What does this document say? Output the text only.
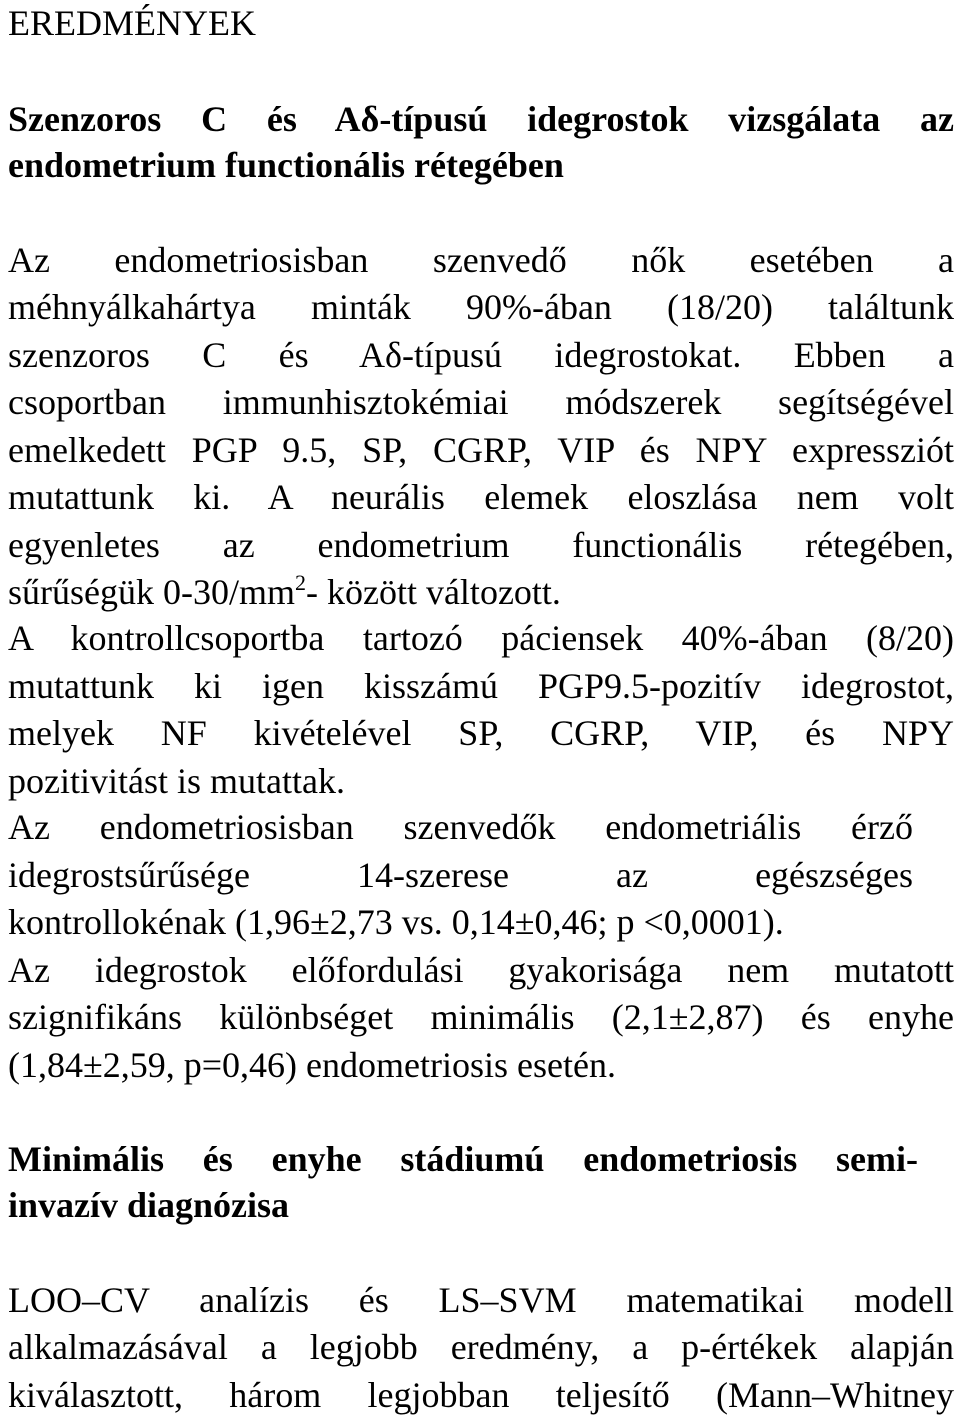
EREDMÉNYEK
Szenzoros C és Aδ-típusú idegrostok vizsgálata az
endometrium functionális rétegében
Az endometriosisban szenvedő nők esetében a
méhnyálkahártya minták 90%-ában (18/20) találtunk
szenzoros C és Aδ-típusú idegrostokat. Ebben a
csoportban immunhisztokémiai módszerek segítségével
emelkedett PGP 9.5, SP, CGRP, VIP és NPY expressziót
mutattunk ki. A neurális elemek eloszlása nem volt
egyenletes az endometrium functionális rétegében,
sűrűségük $0-30/mm^2-$ között változott.
A kontrollcsoportba tartozó páciensek 40%-ában (8/20)
mutattunk ki igen kisszámú PGP9.5-pozitív idegrostot,
melyek NF kivételével SP, CGRP, VIP, és NPY
pozitivitást is mutattak.
Az endometriosisban szenvedők endometriális érző
idegrostsűrűsége 14-szerese az egészséges
kontrollokénak (1,96±2,73 vs. 0,14±0,46; p <0,0001).
Az idegrostok előfordulási gyakorisága nem mutatott
szignifikáns különbséget minimális (2,1±2,87) és enyhe
(1,84±2,59, p=0,46) endometriosis esetén.
Minimális és enyhe stádiumú endometriosis semi-
invazív diagnózisa
LOO–CV analízis és LS–SVM matematikai modell
alkalmazásával a legjobb eredmény, a p-értékek alapján
kiválasztott, három legjobban teljesítő (Mann–Whitney
